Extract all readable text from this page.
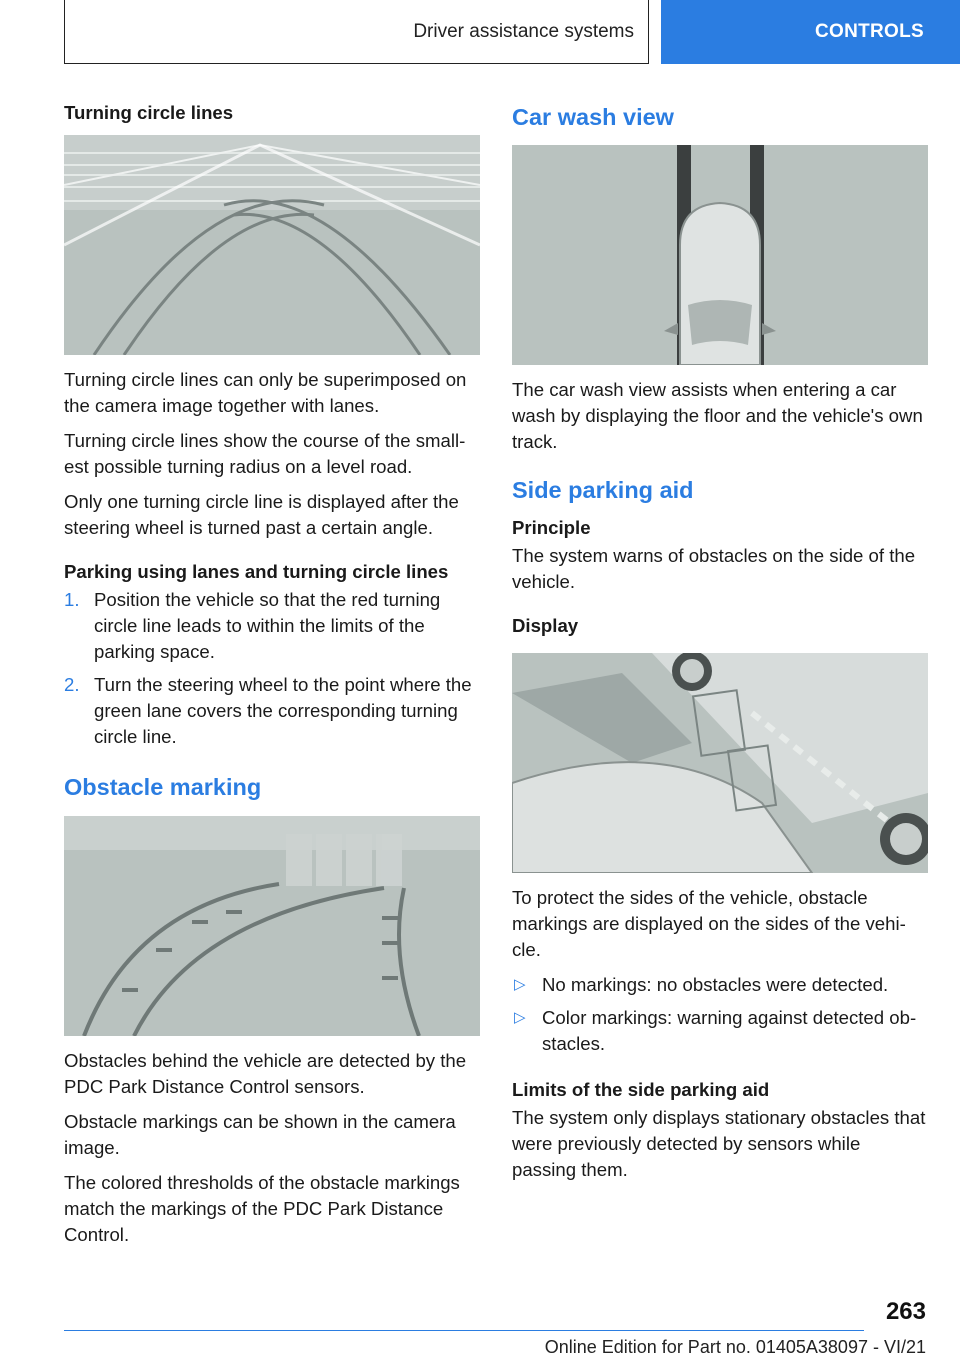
Driver assistance systems	CONTROLS
Turning circle lines

Turning circle lines can only be superimposed on the camera image together with lanes.

Turning circle lines show the course of the small‐ est possible turning radius on a level road.

Only one turning circle line is displayed after the steering wheel is turned past a certain angle.

Parking using lanes and turning circle lines
1. Position the vehicle so that the red turning circle line leads to within the limits of the parking space.
2. Turn the steering wheel to the point where the green lane covers the corresponding turning circle line.
Obstacle marking

Obstacles behind the vehicle are detected by the PDC Park Distance Control sensors.

Obstacle markings can be shown in the camera image.

The colored thresholds of the obstacle markings match the markings of the PDC Park Distance Control.

Car wash view

The car wash view assists when entering a car wash by displaying the floor and the vehicle's own track.

Side parking aid
Principle

The system warns of obstacles on the side of the vehicle.

Display

To protect the sides of the vehicle, obstacle markings are displayed on the sides of the vehi‐ cle.

▷ No markings: no obstacles were detected.
▷ Color markings: warning against detected ob‐ stacles.
Limits of the side parking aid

The system only displays stationary obstacles that were previously detected by sensors while passing them.

263
Online Edition for Part no. 01405A38097 - VI/21
